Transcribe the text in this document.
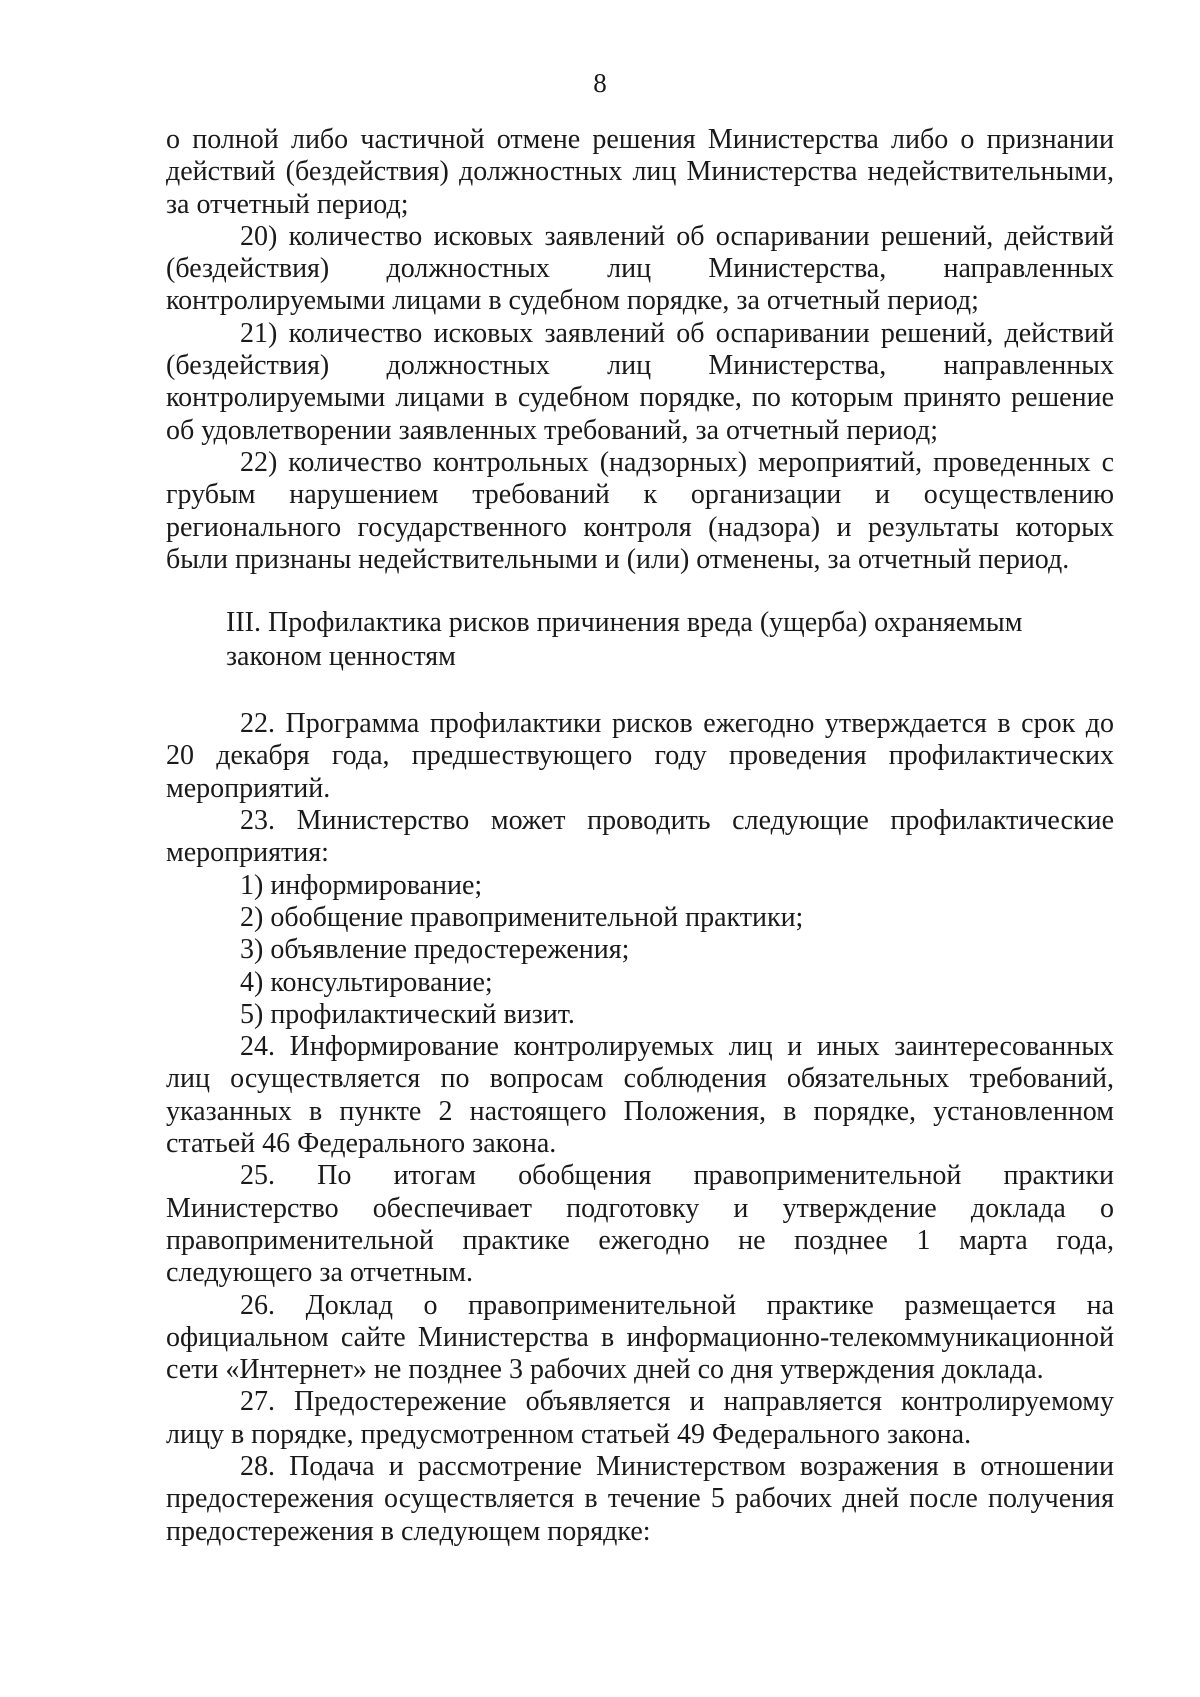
8

о полной либо частичной отмене решения Министерства либо о признании действий (бездействия) должностных лиц Министерства недействительными, за отчетный период;

20) количество исковых заявлений об оспаривании решений, действий (бездействия) должностных лиц Министерства, направленных контролируемыми лицами в судебном порядке, за отчетный период;

21) количество исковых заявлений об оспаривании решений, действий (бездействия) должностных лиц Министерства, направленных контролируемыми лицами в судебном порядке, по которым принято решение об удовлетворении заявленных требований, за отчетный период;

22) количество контрольных (надзорных) мероприятий, проведенных с грубым нарушением требований к организации и осуществлению регионального государственного контроля (надзора) и результаты которых были признаны недействительными и (или) отменены, за отчетный период.

III. Профилактика рисков причинения вреда (ущерба) охраняемым

законом ценностям

22. Программа профилактики рисков ежегодно утверждается в срок до 20 декабря года, предшествующего году проведения профилактических мероприятий.

23. Министерство может проводить следующие профилактические мероприятия:

1) информирование;

2) обобщение правоприменительной практики;

3) объявление предостережения;

4) консультирование;

5) профилактический визит.

24. Информирование контролируемых лиц и иных заинтересованных лиц осуществляется по вопросам соблюдения обязательных требований, указанных в пункте 2 настоящего Положения, в порядке, установленном статьей 46 Федерального закона.

25. По итогам обобщения правоприменительной практики Министерство обеспечивает подготовку и утверждение доклада о правоприменительной практике ежегодно не позднее 1 марта года, следующего за отчетным.

26. Доклад о правоприменительной практике размещается на официальном сайте Министерства в информационно-телекоммуникационной сети «Интернет» не позднее 3 рабочих дней со дня утверждения доклада.

27. Предостережение объявляется и направляется контролируемому лицу в порядке, предусмотренном статьей 49 Федерального закона.

28. Подача и рассмотрение Министерством возражения в отношении предостережения осуществляется в течение 5 рабочих дней после получения предостережения в следующем порядке:
